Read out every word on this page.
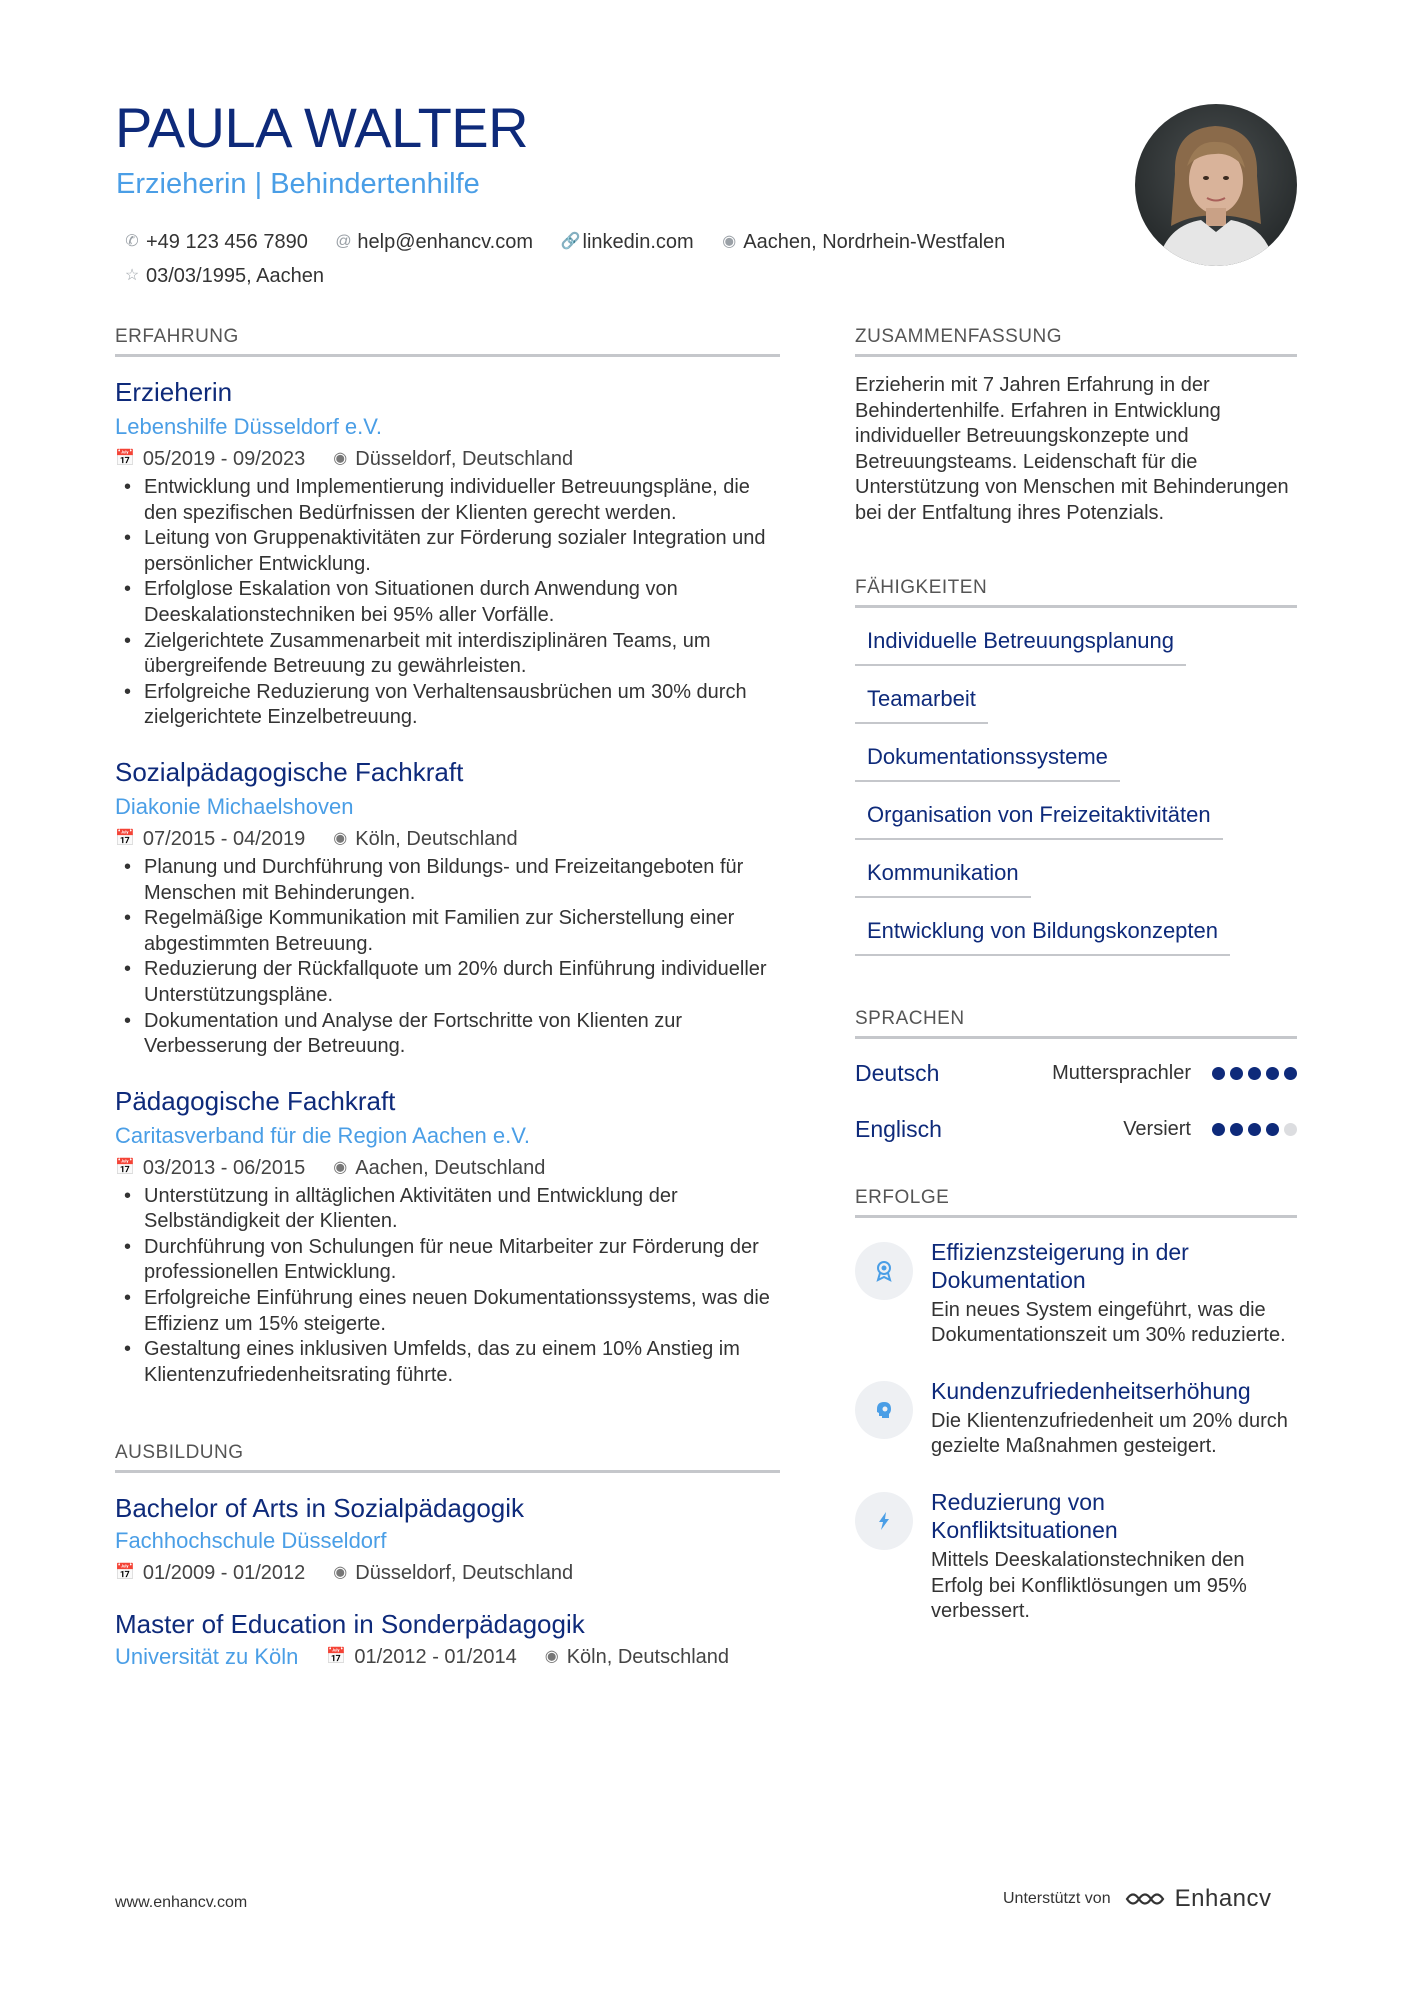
PAULA WALTER
Erzieherin | Behindertenhilfe
✆ +49 123 456 7890
@ help@enhancv.com
🔗 linkedin.com
◉ Aachen, Nordrhein-Westfalen

☆ 03/03/1995, Aachen
ERFAHRUNG
Erzieherin
Lebenshilfe Düsseldorf e.V.
📅 05/2019 - 09/2023 ◉ Düsseldorf, Deutschland
• Entwicklung und Implementierung individueller Betreuungspläne, die den spezifischen Bedürfnissen der Klienten gerecht werden.
• Leitung von Gruppenaktivitäten zur Förderung sozialer Integration und persönlicher Entwicklung.
• Erfolglose Eskalation von Situationen durch Anwendung von Deeskalationstechniken bei 95% aller Vorfälle.
• Zielgerichtete Zusammenarbeit mit interdisziplinären Teams, um übergreifende Betreuung zu gewährleisten.
• Erfolgreiche Reduzierung von Verhaltensausbrüchen um 30% durch zielgerichtete Einzelbetreuung.
Sozialpädagogische Fachkraft
Diakonie Michaelshoven
📅 07/2015 - 04/2019 ◉ Köln, Deutschland
• Planung und Durchführung von Bildungs- und Freizeitangeboten für Menschen mit Behinderungen.
• Regelmäßige Kommunikation mit Familien zur Sicherstellung einer abgestimmten Betreuung.
• Reduzierung der Rückfallquote um 20% durch Einführung individueller Unterstützungspläne.
• Dokumentation und Analyse der Fortschritte von Klienten zur Verbesserung der Betreuung.
Pädagogische Fachkraft
Caritasverband für die Region Aachen e.V.
📅 03/2013 - 06/2015 ◉ Aachen, Deutschland
• Unterstützung in alltäglichen Aktivitäten und Entwicklung der Selbständigkeit der Klienten.
• Durchführung von Schulungen für neue Mitarbeiter zur Förderung der professionellen Entwicklung.
• Erfolgreiche Einführung eines neuen Dokumentationssystems, was die Effizienz um 15% steigerte.
• Gestaltung eines inklusiven Umfelds, das zu einem 10% Anstieg im Klientenzufriedenheitsrating führte.
AUSBILDUNG
Bachelor of Arts in Sozialpädagogik
Fachhochschule Düsseldorf
📅 01/2009 - 01/2012 ◉ Düsseldorf, Deutschland
Master of Education in Sonderpädagogik
Universität zu Köln 📅 01/2012 - 01/2014 ◉ Köln, Deutschland
ZUSAMMENFASSUNG
Erzieherin mit 7 Jahren Erfahrung in der Behindertenhilfe. Erfahren in Entwicklung individueller Betreuungskonzepte und Betreuungsteams. Leidenschaft für die Unterstützung von Menschen mit Behinderungen bei der Entfaltung ihres Potenzials.
FÄHIGKEITEN
Individuelle Betreuungsplanung
Teamarbeit
Dokumentationssysteme
Organisation von Freizeitaktivitäten
Kommunikation
Entwicklung von Bildungskonzepten
SPRACHEN
Deutsch	Muttersprachler
Englisch	Versiert
ERFOLGE
Effizienzsteigerung in der Dokumentation
Ein neues System eingeführt, was die Dokumentationszeit um 30% reduzierte.
Kundenzufriedenheitserhöhung
Die Klientenzufriedenheit um 20% durch gezielte Maßnahmen gesteigert.
Reduzierung von Konfliktsituationen
Mittels Deeskalationstechniken den Erfolg bei Konfliktlösungen um 95% verbessert.
www.enhancv.com	Unterstützt von	Enhancv
